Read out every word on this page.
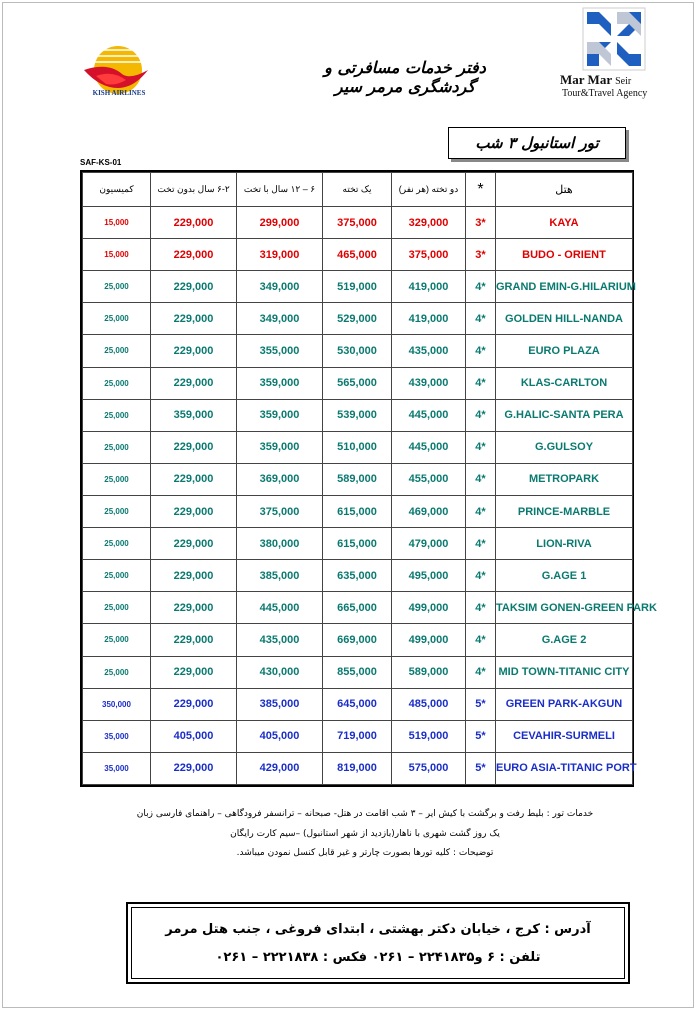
KISH AIRLINES
دفتر خدمات مسافرتی و گردشگری مرمر سیر	Mar Mar Seir
Tour&Travel Agency
تور استانبول ۳ شب
SAF-KS-01
کمیسیون	۶-۲ سال بدون تخت	۶ – ۱۲ سال با تخت	یک تخته	دو تخته (هر نفر)	*	هتل
15,000	229,000	299,000	375,000	329,000	3*	KAYA
15,000	229,000	319,000	465,000	375,000	3*	BUDO - ORIENT
25,000	229,000	349,000	519,000	419,000	4*	GRAND EMIN-G.HILARIUM
25,000	229,000	349,000	529,000	419,000	4*	GOLDEN HILL-NANDA
25,000	229,000	355,000	530,000	435,000	4*	EURO PLAZA
25,000	229,000	359,000	565,000	439,000	4*	KLAS-CARLTON
25,000	359,000	359,000	539,000	445,000	4*	G.HALIC-SANTA PERA
25,000	229,000	359,000	510,000	445,000	4*	G.GULSOY
25,000	229,000	369,000	589,000	455,000	4*	METROPARK
25,000	229,000	375,000	615,000	469,000	4*	PRINCE-MARBLE
25,000	229,000	380,000	615,000	479,000	4*	LION-RIVA
25,000	229,000	385,000	635,000	495,000	4*	G.AGE 1
25,000	229,000	445,000	665,000	499,000	4*	TAKSIM GONEN-GREEN PARK
25,000	229,000	435,000	669,000	499,000	4*	G.AGE 2
25,000	229,000	430,000	855,000	589,000	4*	MID TOWN-TITANIC CITY
350,000	229,000	385,000	645,000	485,000	5*	GREEN PARK-AKGUN
35,000	405,000	405,000	719,000	519,000	5*	CEVAHIR-SURMELI
35,000	229,000	429,000	819,000	575,000	5*	EURO ASIA-TITANIC PORT
خدمات تور : بلیط رفت و برگشت با کیش ایر – ۳ شب اقامت در هتل- صبحانه – ترانسفر فرودگاهی – راهنمای فارسی زبان
یک روز گشت شهری با ناهار(بازدید از شهر استانبول) –سیم کارت رایگان
توضیحات : کلیه تورها بصورت چارتر و غیر قابل کنسل نمودن میباشد.
آدرس : کرج ، خیابان دکتر بهشتی ، ابتدای فروغی ، جنب هتل مرمر
تلفن : ۶ و۲۲۴۱۸۳۵ – ۰۲۶۱ فکس : ۲۲۲۱۸۳۸ – ۰۲۶۱
